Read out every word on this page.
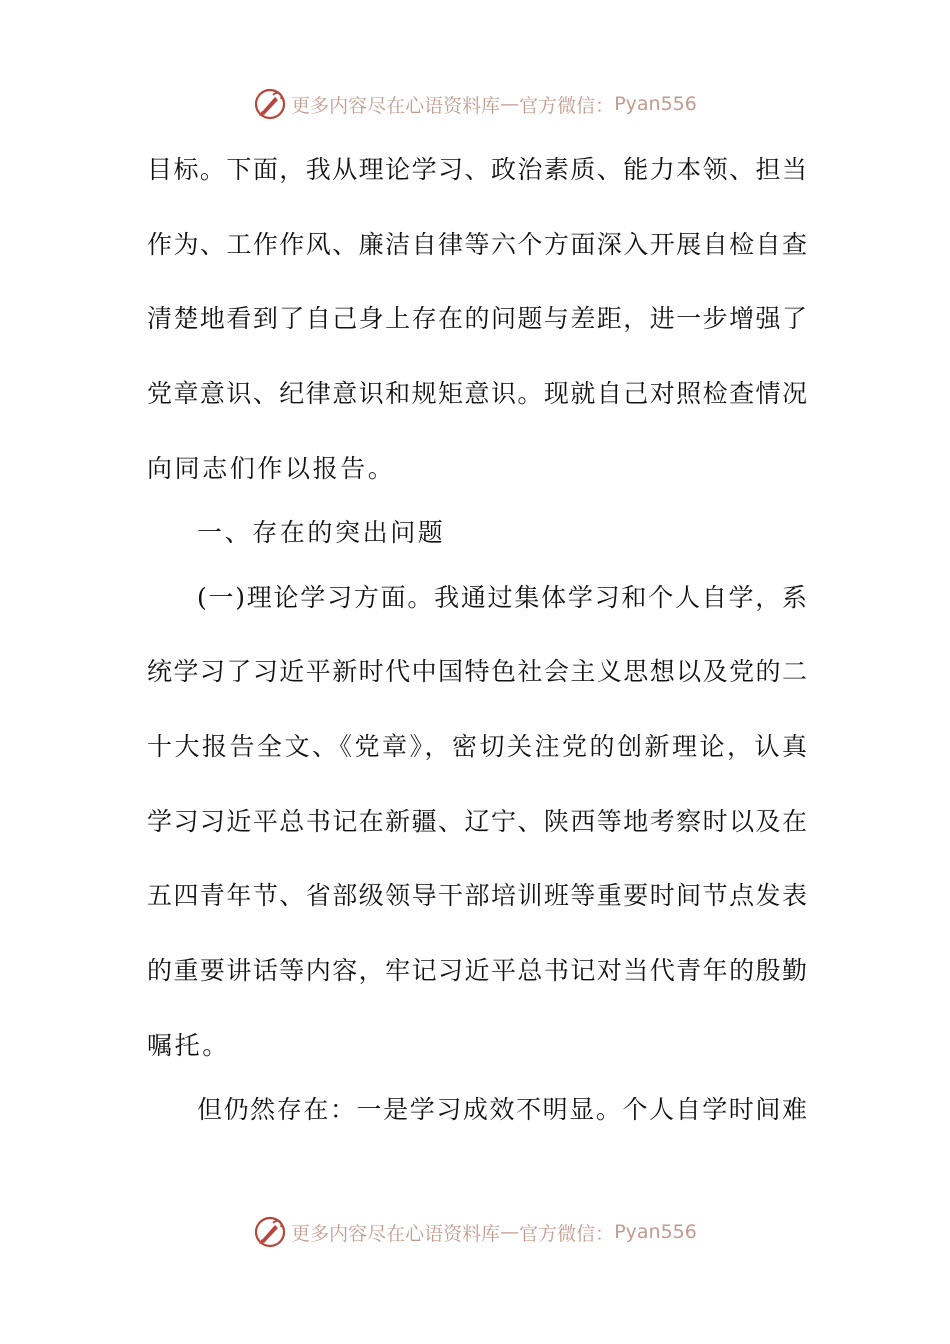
更多内容尽在心语资料库 — 官方微信： Pyan556
目标。下面，我从理论学习、政治素质、能力本领、担当
作为、工作作风、廉洁自律等六个方面深入开展自检自查
清楚地看到了自己身上存在的问题与差距，进一步增强了
党章意识、纪律意识和规矩意识。现就自己对照检查情况
向同志们作以报告。
一、存在的突出问题
(一)理论学习方面。我通过集体学习和个人自学，系
统学习了习近平新时代中国特色社会主义思想以及党的二
十大报告全文、《党章》，密切关注党的创新理论，认真
学习习近平总书记在新疆、辽宁、陕西等地考察时以及在
五四青年节、省部级领导干部培训班等重要时间节点发表
的重要讲话等内容，牢记习近平总书记对当代青年的殷勤
嘱托。
但仍然存在：一是学习成效不明显。个人自学时间难
更多内容尽在心语资料库 — 官方微信： Pyan556
